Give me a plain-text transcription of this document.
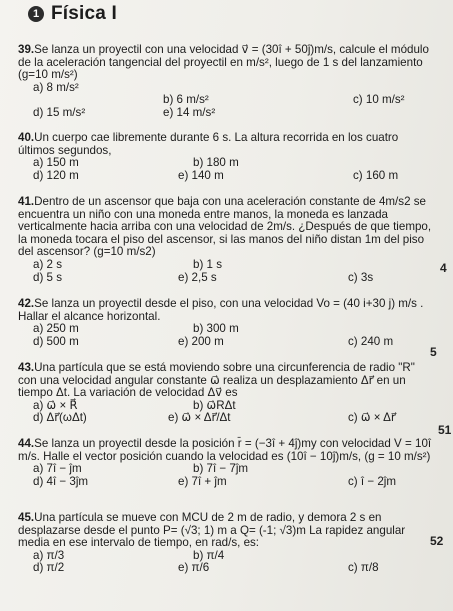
1 Física I

39.Se lanza un proyectil con una velocidad v⃗ = (30î + 50ĵ)m/s, calcule el módulo de la aceleración tangencial del proyectil en m/s², luego de 1 s del lanzamiento (g=10 m/s²)

a) 8 m/s²
b) 6 m/s²	c) 10 m/s²
d) 15 m/s²	e) 14 m/s²

40.Un cuerpo cae libremente durante 6 s. La altura recorrida en los cuatro últimos segundos,

a) 150 m	b) 180 m
d) 120 m	e) 140 m	c) 160 m

41.Dentro de un ascensor que baja con una aceleración constante de 4m/s2 se encuentra un niño con una moneda entre manos, la moneda es lanzada verticalmente hacia arriba con una velocidad de 2m/s. ¿Después de que tiempo, la moneda tocara el piso del ascensor, si las manos del niño distan 1m del piso del ascensor? (g=10 m/s2)

a) 2 s	b) 1 s
d) 5 s	e) 2,5 s	c) 3s

42.Se lanza un proyectil desde el piso, con una velocidad Vo = (40 i+30 j) m/s . Hallar el alcance horizontal.

a) 250 m	b) 300 m
d) 500 m	e) 200 m	c) 240 m

43.Una partícula que se está moviendo sobre una circunferencia de radio "R" con una velocidad angular constante ω⃗ realiza un desplazamiento Δr⃗ en un tiempo Δt. La variación de velocidad Δv⃗ es

a) ω⃗ × R⃗	b) ω⃗RΔt
d) Δr⃗(ωΔt)	e) ω⃗ × Δr⃗/Δt	c) ω⃗ × Δr⃗

44.Se lanza un proyectil desde la posición r̄ = (−3î + 4ĵ)my con velocidad V = 10î m/s. Halle el vector posición cuando la velocidad es (10î − 10ĵ)m/s, (g = 10 m/s²)

a) 7î − ĵm	b) 7î − 7ĵm
d) 4î − 3ĵm	e) 7î + ĵm	c) î − 2ĵm

45.Una partícula se mueve con MCU de 2 m de radio, y demora 2 s en desplazarse desde el punto P= (√3; 1) m a Q= (-1; √3)m La rapidez angular media en ese intervalo de tiempo, en rad/s, es:

a) π/3	b) π/4
d) π/2	e) π/6	c) π/8
4
5
51
52
